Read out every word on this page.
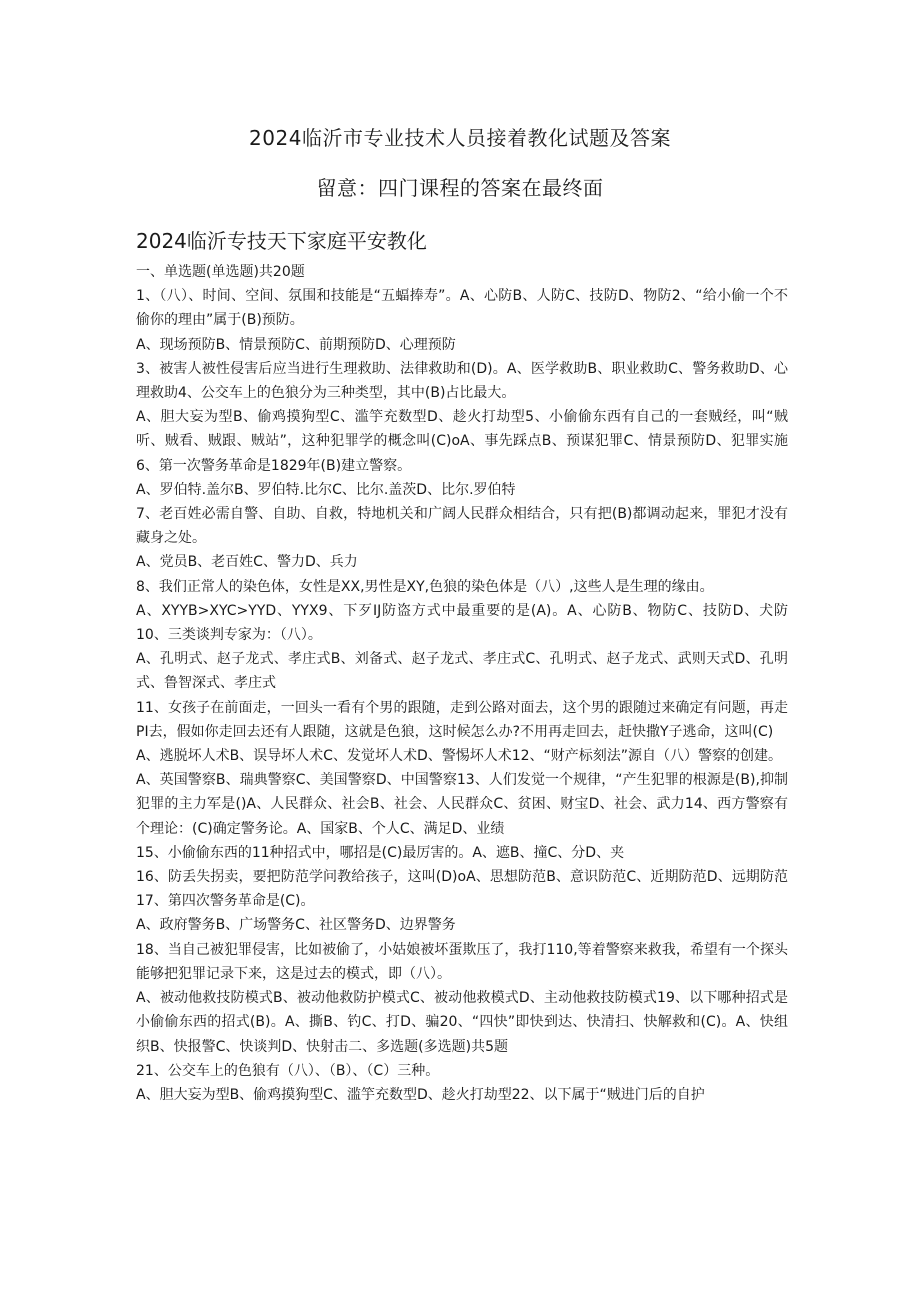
2024临沂市专业技术人员接着教化试题及答案
留意：四门课程的答案在最终面
2024临沂专技天下家庭平安教化

一、单选题(单选题)共20题

1、（八）、时间、空间、氛围和技能是“五蝠捧寿”。A、心防B、人防C、技防D、物防2、“给小偷一个不偷你的理由”属于(B)预防。

A、现场预防B、情景预防C、前期预防D、心理预防

3、被害人被性侵害后应当进行生理救助、法律救助和(D)。A、医学救助B、职业救助C、警务救助D、心理救助4、公交车上的色狼分为三种类型，其中(B)占比最大。

A、胆大妄为型B、偷鸡摸狗型C、滥竽充数型D、趁火打劫型5、小偷偷东西有自己的一套贼经，叫“贼听、贼看、贼跟、贼站”，这种犯罪学的概念叫(C)oA、事先踩点B、预谋犯罪C、情景预防D、犯罪实施6、第一次警务革命是1829年(B)建立警察。

A、罗伯特.盖尔B、罗伯特.比尔C、比尔.盖茨D、比尔.罗伯特

7、老百姓必需自警、自助、自救，特地机关和广阔人民群众相结合，只有把(B)都调动起来，罪犯才没有藏身之处。

A、党员B、老百姓C、警力D、兵力

8、我们正常人的染色体，女性是XX,男性是XY,色狼的染色体是（八）,这些人是生理的缘由。

A、XYYB>XYC>YYD、YYX9、下歹IJ防盗方式中最重要的是(A)。A、心防B、物防C、技防D、犬防10、三类谈判专家为：（八）。

A、孔明式、赵子龙式、孝庄式B、刘备式、赵子龙式、孝庄式C、孔明式、赵子龙式、武则天式D、孔明式、鲁智深式、孝庄式

11、女孩子在前面走，一回头一看有个男的跟随，走到公路对面去，这个男的跟随过来确定有问题，再走PI去，假如你走回去还有人跟随，这就是色狼，这时候怎么办?不用再走回去，赶快撒Y子逃命，这叫(C)

A、逃脱坏人术B、误导坏人术C、发觉坏人术D、警惕坏人术12、“财产标刻法”源自（八）警察的创建。

A、英国警察B、瑞典警察C、美国警察D、中国警察13、人们发觉一个规律，“产生犯罪的根源是(B),抑制犯罪的主力军是()A、人民群众、社会B、社会、人民群众C、贫困、财宝D、社会、武力14、西方警察有个理论：(C)确定警务论。A、国家B、个人C、满足D、业绩

15、小偷偷东西的11种招式中，哪招是(C)最厉害的。A、遮B、撞C、分D、夹

16、防丢失拐卖，要把防范学问教给孩子，这叫(D)oA、思想防范B、意识防范C、近期防范D、远期防范17、第四次警务革命是(C)。

A、政府警务B、广场警务C、社区警务D、边界警务

18、当自己被犯罪侵害，比如被偷了，小姑娘被坏蛋欺压了，我打110,等着警察来救我，希望有一个探头能够把犯罪记录下来，这是过去的模式，即（八）。

A、被动他救技防模式B、被动他救防护模式C、被动他救模式D、主动他救技防模式19、以下哪种招式是小偷偷东西的招式(B)。A、撕B、钓C、打D、骗20、“四快”即快到达、快清扫、快解救和(C)。A、快组织B、快报警C、快谈判D、快射击二、多选题(多选题)共5题

21、公交车上的色狼有（八）、（B）、（C）三种。

A、胆大妄为型B、偷鸡摸狗型C、滥竽充数型D、趁火打劫型22、以下属于“贼进门后的自护
